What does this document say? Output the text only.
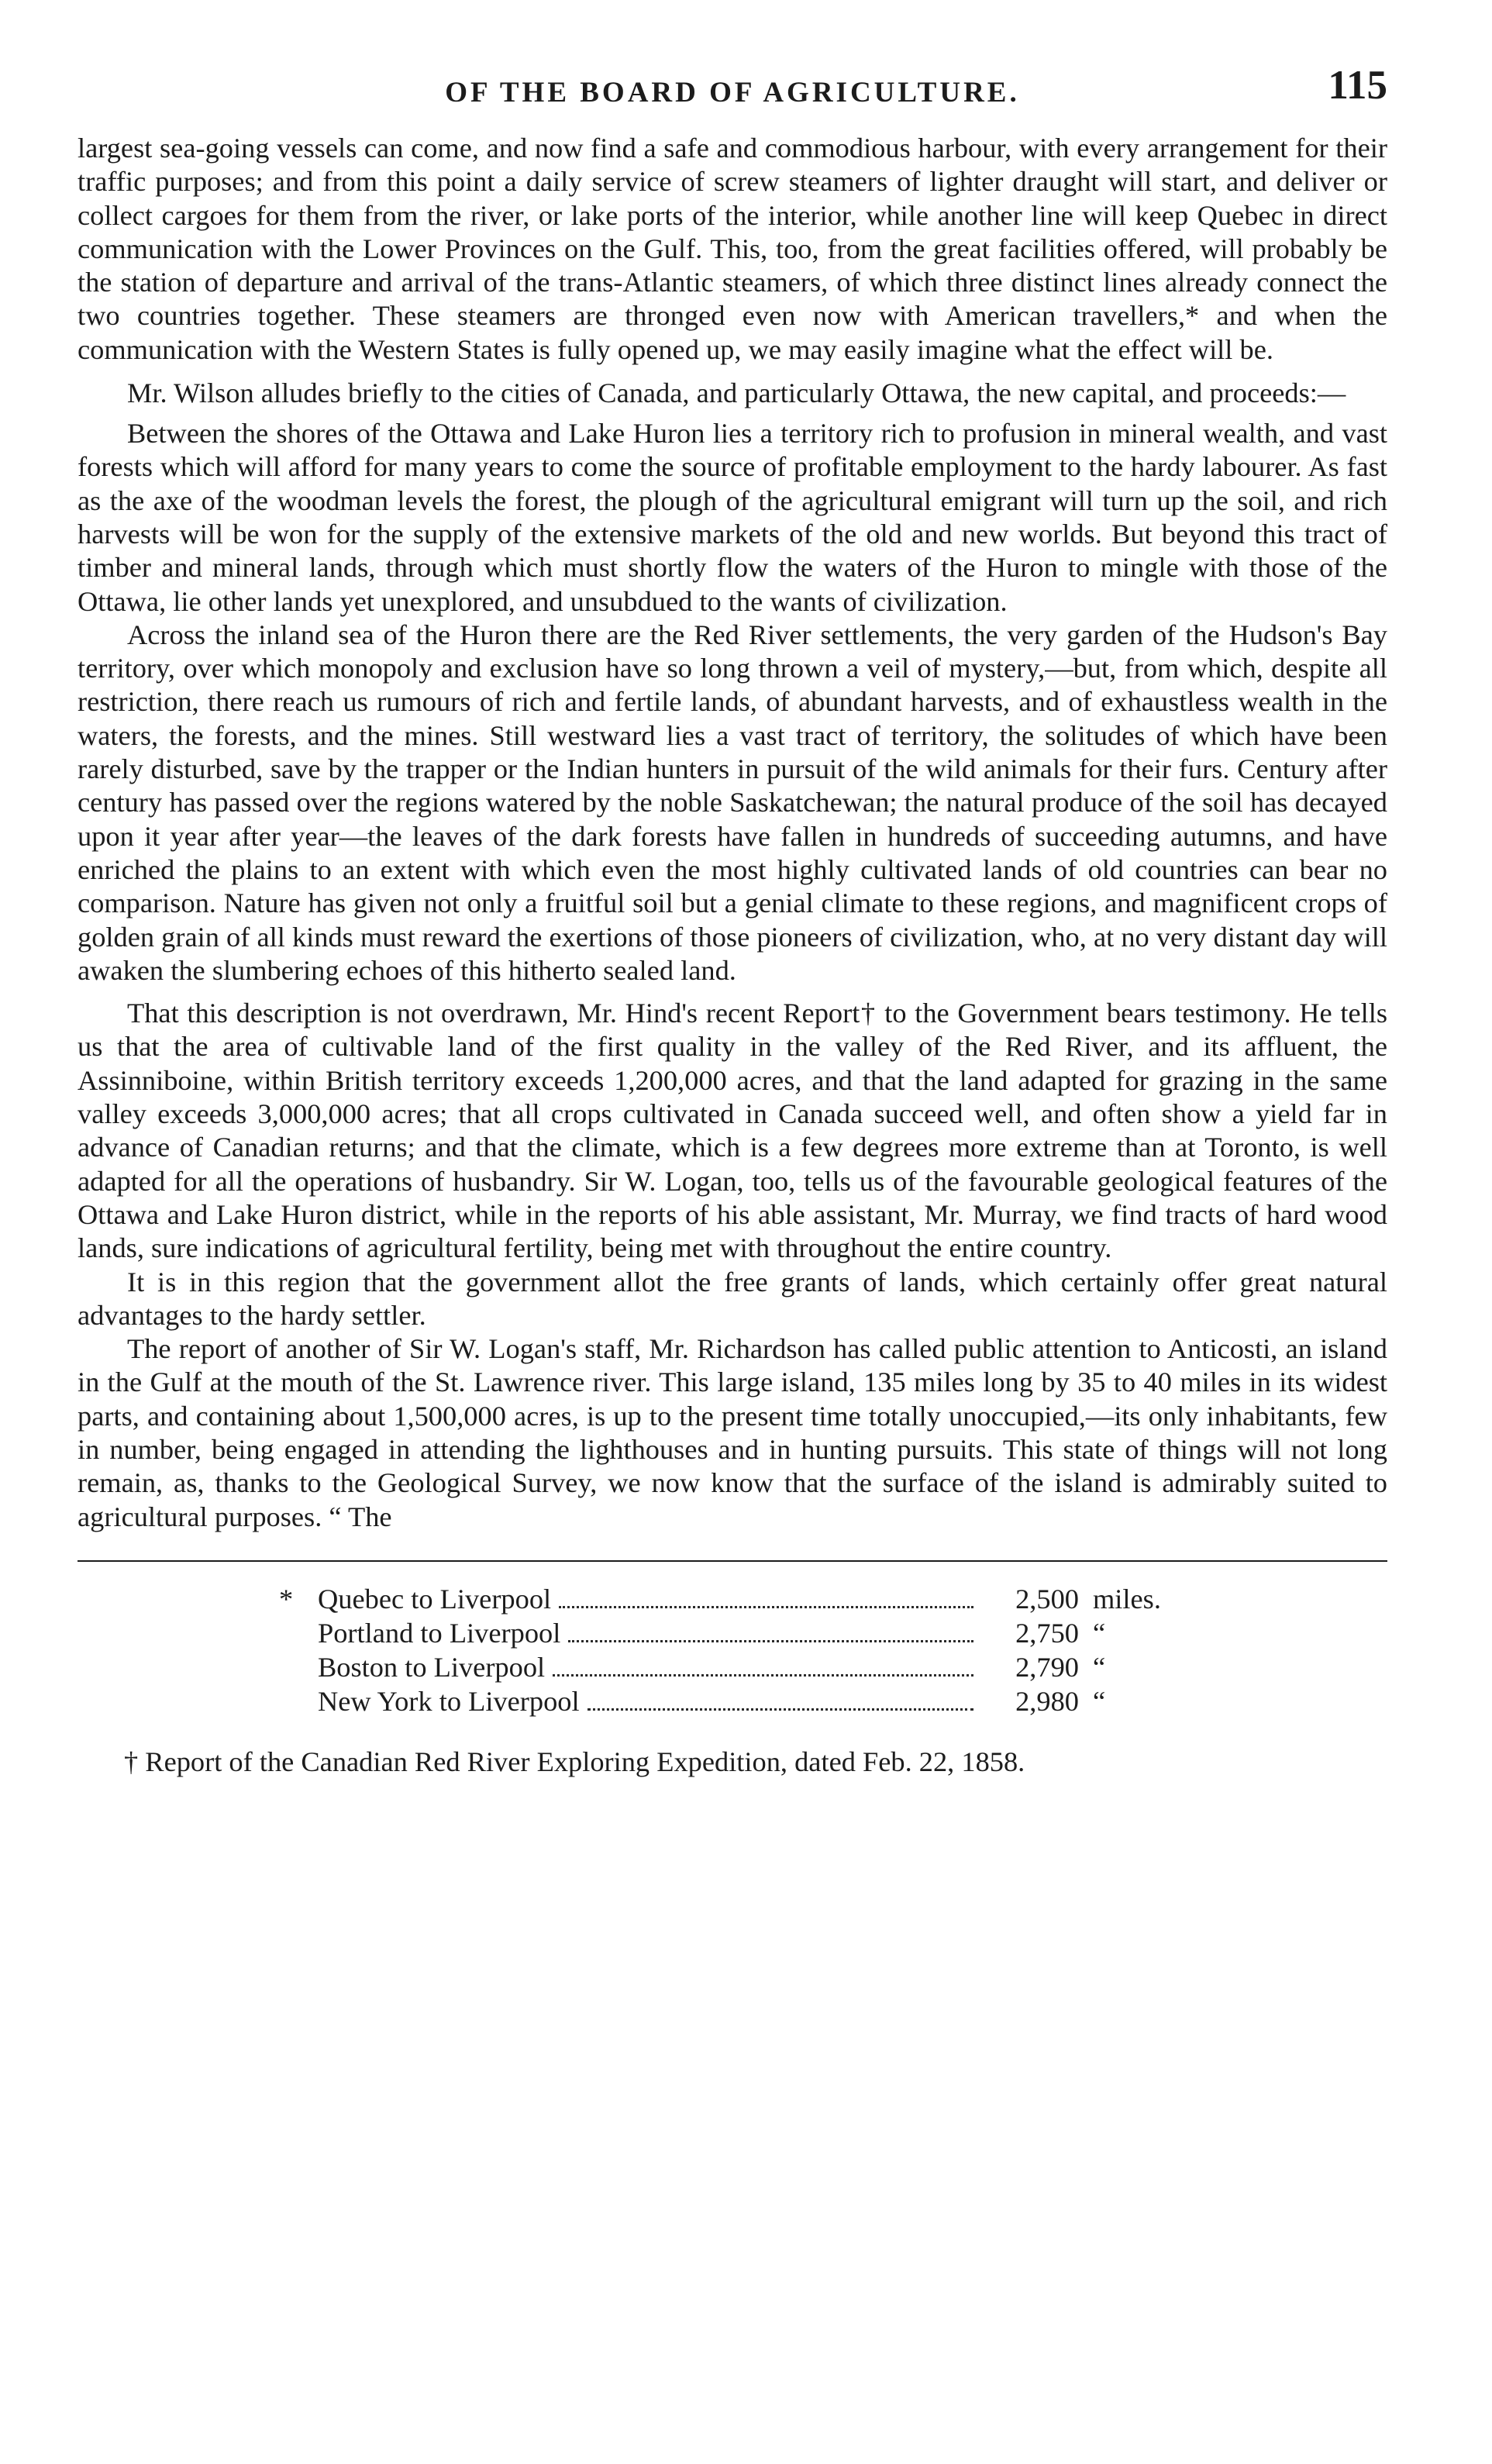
OF THE BOARD OF AGRICULTURE.	115

largest sea-going vessels can come, and now find a safe and commodious harbour, with every arrangement for their traffic purposes; and from this point a daily service of screw steamers of lighter draught will start, and deliver or collect cargoes for them from the river, or lake ports of the interior, while another line will keep Quebec in direct communication with the Lower Provinces on the Gulf. This, too, from the great facilities offered, will probably be the station of departure and arrival of the trans-Atlantic steamers, of which three distinct lines already connect the two countries together. These steamers are thronged even now with American travellers,* and when the communication with the Western States is fully opened up, we may easily imagine what the effect will be.

Mr. Wilson alludes briefly to the cities of Canada, and particularly Ottawa, the new capital, and proceeds:—

Between the shores of the Ottawa and Lake Huron lies a territory rich to profusion in mineral wealth, and vast forests which will afford for many years to come the source of profitable employment to the hardy labourer. As fast as the axe of the woodman levels the forest, the plough of the agricultural emigrant will turn up the soil, and rich harvests will be won for the supply of the extensive markets of the old and new worlds. But beyond this tract of timber and mineral lands, through which must shortly flow the waters of the Huron to mingle with those of the Ottawa, lie other lands yet unexplored, and unsubdued to the wants of civilization.

Across the inland sea of the Huron there are the Red River settlements, the very garden of the Hudson's Bay territory, over which monopoly and exclusion have so long thrown a veil of mystery,—but, from which, despite all restriction, there reach us rumours of rich and fertile lands, of abundant harvests, and of exhaustless wealth in the waters, the forests, and the mines. Still westward lies a vast tract of territory, the solitudes of which have been rarely disturbed, save by the trapper or the Indian hunters in pursuit of the wild animals for their furs. Century after century has passed over the regions watered by the noble Saskatchewan; the natural produce of the soil has decayed upon it year after year—the leaves of the dark forests have fallen in hundreds of succeeding autumns, and have enriched the plains to an extent with which even the most highly cultivated lands of old countries can bear no comparison. Nature has given not only a fruitful soil but a genial climate to these regions, and magnificent crops of golden grain of all kinds must reward the exertions of those pioneers of civilization, who, at no very distant day will awaken the slumbering echoes of this hitherto sealed land.

That this description is not overdrawn, Mr. Hind's recent Report† to the Government bears testimony. He tells us that the area of cultivable land of the first quality in the valley of the Red River, and its affluent, the Assinniboine, within British territory exceeds 1,200,000 acres, and that the land adapted for grazing in the same valley exceeds 3,000,000 acres; that all crops cultivated in Canada succeed well, and often show a yield far in advance of Canadian returns; and that the climate, which is a few degrees more extreme than at Toronto, is well adapted for all the operations of husbandry. Sir W. Logan, too, tells us of the favourable geological features of the Ottawa and Lake Huron district, while in the reports of his able assistant, Mr. Murray, we find tracts of hard wood lands, sure indications of agricultural fertility, being met with throughout the entire country.

It is in this region that the government allot the free grants of lands, which certainly offer great natural advantages to the hardy settler.

The report of another of Sir W. Logan's staff, Mr. Richardson has called public attention to Anticosti, an island in the Gulf at the mouth of the St. Lawrence river. This large island, 135 miles long by 35 to 40 miles in its widest parts, and containing about 1,500,000 acres, is up to the present time totally unoccupied,—its only inhabitants, few in number, being engaged in attending the lighthouses and in hunting pursuits. This state of things will not long remain, as, thanks to the Geological Survey, we now know that the surface of the island is admirably suited to agricultural purposes. “ The

* Quebec to Liverpool	2,500 miles.
Portland to Liverpool	2,750 “
Boston to Liverpool	2,790 “
New York to Liverpool	2,980 “
† Report of the Canadian Red River Exploring Expedition, dated Feb. 22, 1858.
